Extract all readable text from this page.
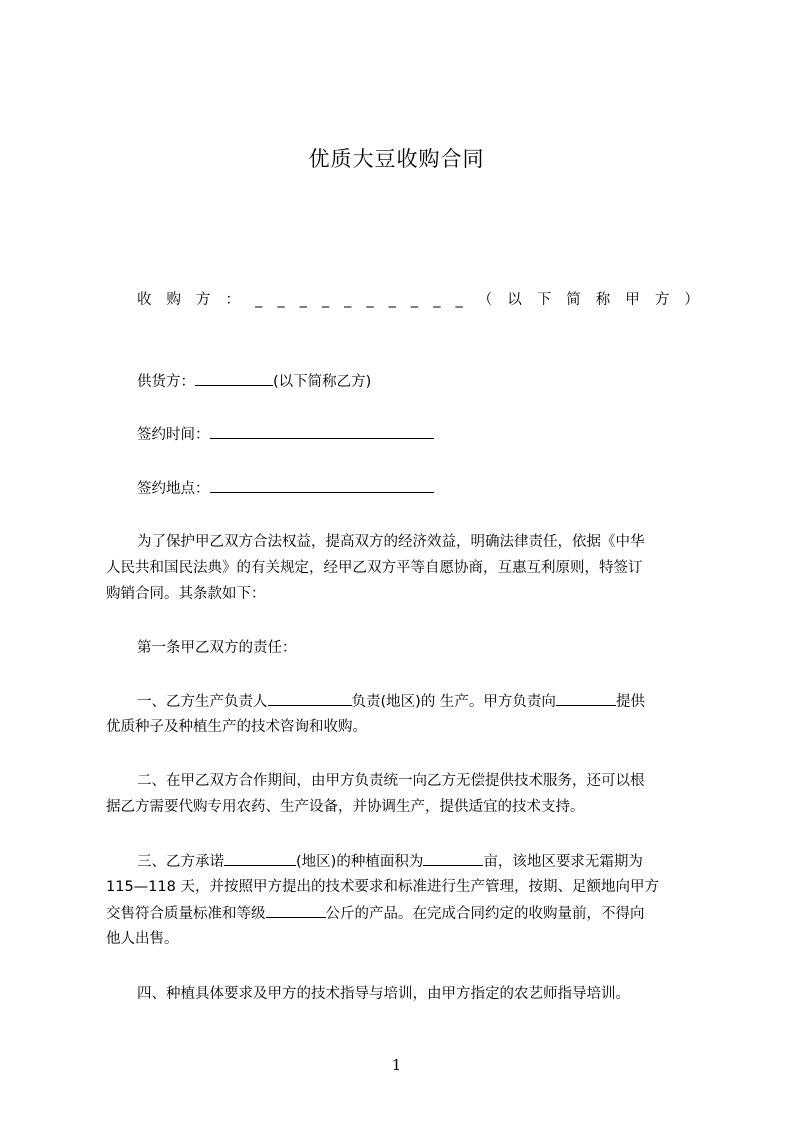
优质大豆收购合同
收 购 方 ： _ _ _ _ _ _ _ _ _ _ （ 以 下 简 称 甲 方 ）
供货方：	(以下简称乙方)
签约时间：
签约地点：
为了保护甲乙双方合法权益，提高双方的经济效益，明确法律责任，依据《中华
人民共和国民法典》的有关规定，经甲乙双方平等自愿协商，互惠互利原则，特签订
购销合同。其条款如下：
第一条甲乙双方的责任：
一、乙方生产负责人	负责(地区)的 生产。甲方负责向	提供
优质种子及种植生产的技术咨询和收购。
二、在甲乙双方合作期间，由甲方负责统一向乙方无偿提供技术服务，还可以根
据乙方需要代购专用农药、生产设备，并协调生产，提供适宜的技术支持。
三、乙方承诺	(地区)的种植面积为	亩，该地区要求无霜期为
115—118 天，并按照甲方提出的技术要求和标准进行生产管理，按期、足额地向甲方
交售符合质量标准和等级	公斤的产品。在完成合同约定的收购量前，不得向
他人出售。
四、种植具体要求及甲方的技术指导与培训，由甲方指定的农艺师指导培训。
1
